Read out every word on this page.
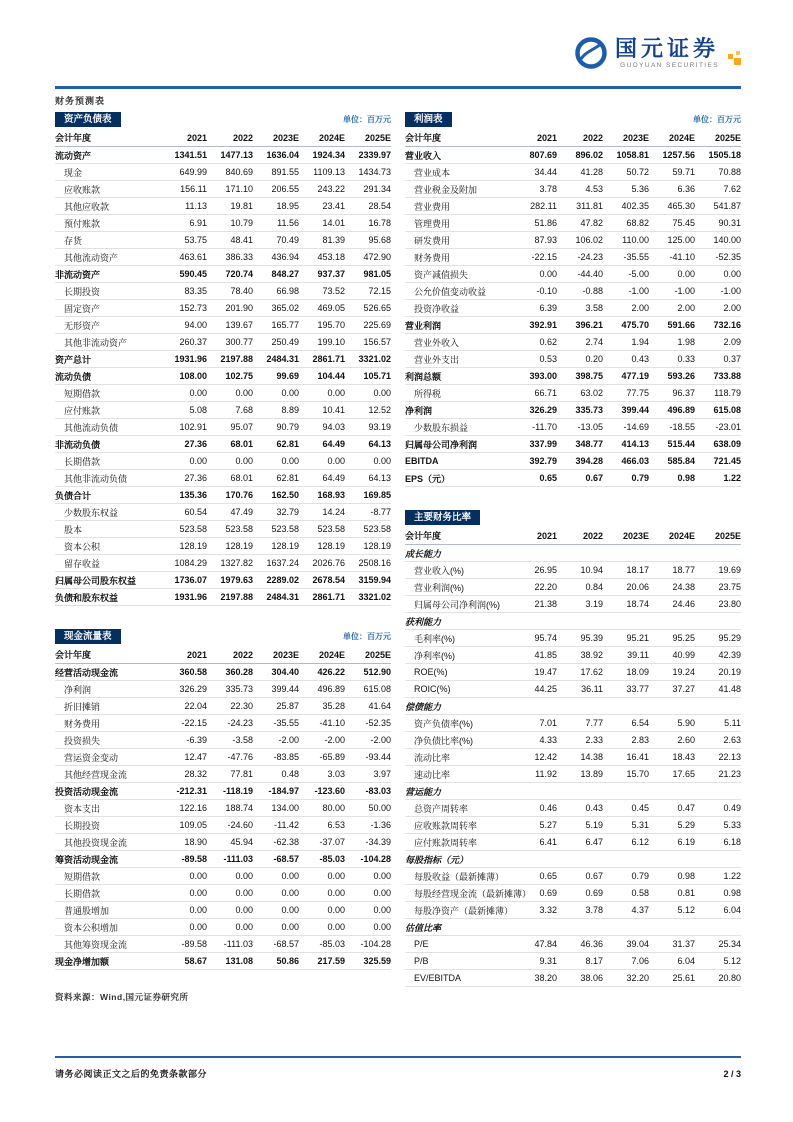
国元证券
GUOYUAN SECURITIES
财务预测表
资产负债表	单位：百万元
会计年度	2021	2022	2023E	2024E	2025E
流动资产	1341.51	1477.13	1636.04	1924.34	2339.97
现金	649.99	840.69	891.55	1109.13	1434.73
应收账款	156.11	171.10	206.55	243.22	291.34
其他应收款	11.13	19.81	18.95	23.41	28.54
预付账款	6.91	10.79	11.56	14.01	16.78
存货	53.75	48.41	70.49	81.39	95.68
其他流动资产	463.61	386.33	436.94	453.18	472.90
非流动资产	590.45	720.74	848.27	937.37	981.05
长期投资	83.35	78.40	66.98	73.52	72.15
固定资产	152.73	201.90	365.02	469.05	526.65
无形资产	94.00	139.67	165.77	195.70	225.69
其他非流动资产	260.37	300.77	250.49	199.10	156.57
资产总计	1931.96	2197.88	2484.31	2861.71	3321.02
流动负债	108.00	102.75	99.69	104.44	105.71
短期借款	0.00	0.00	0.00	0.00	0.00
应付账款	5.08	7.68	8.89	10.41	12.52
其他流动负债	102.91	95.07	90.79	94.03	93.19
非流动负债	27.36	68.01	62.81	64.49	64.13
长期借款	0.00	0.00	0.00	0.00	0.00
其他非流动负债	27.36	68.01	62.81	64.49	64.13
负债合计	135.36	170.76	162.50	168.93	169.85
少数股东权益	60.54	47.49	32.79	14.24	-8.77
股本	523.58	523.58	523.58	523.58	523.58
资本公积	128.19	128.19	128.19	128.19	128.19
留存收益	1084.29	1327.82	1637.24	2026.76	2508.16
归属母公司股东权益	1736.07	1979.63	2289.02	2678.54	3159.94
负债和股东权益	1931.96	2197.88	2484.31	2861.71	3321.02
现金流量表	单位：百万元
会计年度	2021	2022	2023E	2024E	2025E
经营活动现金流	360.58	360.28	304.40	426.22	512.90
净利润	326.29	335.73	399.44	496.89	615.08
折旧摊销	22.04	22.30	25.87	35.28	41.64
财务费用	-22.15	-24.23	-35.55	-41.10	-52.35
投资损失	-6.39	-3.58	-2.00	-2.00	-2.00
营运资金变动	12.47	-47.76	-83.85	-65.89	-93.44
其他经营现金流	28.32	77.81	0.48	3.03	3.97
投资活动现金流	-212.31	-118.19	-184.97	-123.60	-83.03
资本支出	122.16	188.74	134.00	80.00	50.00
长期投资	109.05	-24.60	-11.42	6.53	-1.36
其他投资现金流	18.90	45.94	-62.38	-37.07	-34.39
筹资活动现金流	-89.58	-111.03	-68.57	-85.03	-104.28
短期借款	0.00	0.00	0.00	0.00	0.00
长期借款	0.00	0.00	0.00	0.00	0.00
普通股增加	0.00	0.00	0.00	0.00	0.00
资本公积增加	0.00	0.00	0.00	0.00	0.00
其他筹资现金流	-89.58	-111.03	-68.57	-85.03	-104.28
现金净增加额	58.67	131.08	50.86	217.59	325.59
资料来源：Wind,国元证券研究所
利润表	单位：百万元
会计年度	2021	2022	2023E	2024E	2025E
营业收入	807.69	896.02	1058.81	1257.56	1505.18
营业成本	34.44	41.28	50.72	59.71	70.88
营业税金及附加	3.78	4.53	5.36	6.36	7.62
营业费用	282.11	311.81	402.35	465.30	541.87
管理费用	51.86	47.82	68.82	75.45	90.31
研发费用	87.93	106.02	110.00	125.00	140.00
财务费用	-22.15	-24.23	-35.55	-41.10	-52.35
资产减值损失	0.00	-44.40	-5.00	0.00	0.00
公允价值变动收益	-0.10	-0.88	-1.00	-1.00	-1.00
投资净收益	6.39	3.58	2.00	2.00	2.00
营业利润	392.91	396.21	475.70	591.66	732.16
营业外收入	0.62	2.74	1.94	1.98	2.09
营业外支出	0.53	0.20	0.43	0.33	0.37
利润总额	393.00	398.75	477.19	593.26	733.88
所得税	66.71	63.02	77.75	96.37	118.79
净利润	326.29	335.73	399.44	496.89	615.08
少数股东损益	-11.70	-13.05	-14.69	-18.55	-23.01
归属母公司净利润	337.99	348.77	414.13	515.44	638.09
EBITDA	392.79	394.28	466.03	585.84	721.45
EPS（元）	0.65	0.67	0.79	0.98	1.22
主要财务比率
会计年度	2021	2022	2023E	2024E	2025E
成长能力
营业收入(%)	26.95	10.94	18.17	18.77	19.69
营业利润(%)	22.20	0.84	20.06	24.38	23.75
归属母公司净利润(%)	21.38	3.19	18.74	24.46	23.80
获利能力
毛利率(%)	95.74	95.39	95.21	95.25	95.29
净利率(%)	41.85	38.92	39.11	40.99	42.39
ROE(%)	19.47	17.62	18.09	19.24	20.19
ROIC(%)	44.25	36.11	33.77	37.27	41.48
偿债能力
资产负债率(%)	7.01	7.77	6.54	5.90	5.11
净负债比率(%)	4.33	2.33	2.83	2.60	2.63
流动比率	12.42	14.38	16.41	18.43	22.13
速动比率	11.92	13.89	15.70	17.65	21.23
营运能力
总资产周转率	0.46	0.43	0.45	0.47	0.49
应收账款周转率	5.27	5.19	5.31	5.29	5.33
应付账款周转率	6.41	6.47	6.12	6.19	6.18
每股指标（元）
每股收益（最新摊薄）	0.65	0.67	0.79	0.98	1.22
每股经营现金流（最新摊薄） 0.69	0.69	0.58	0.81	0.98
每股净资产（最新摊薄）	3.32	3.78	4.37	5.12	6.04
估值比率
P/E	47.84	46.36	39.04	31.37	25.34
P/B	9.31	8.17	7.06	6.04	5.12
EV/EBITDA	38.20	38.06	32.20	25.61	20.80
请务必阅读正文之后的免责条款部分	2 / 3
